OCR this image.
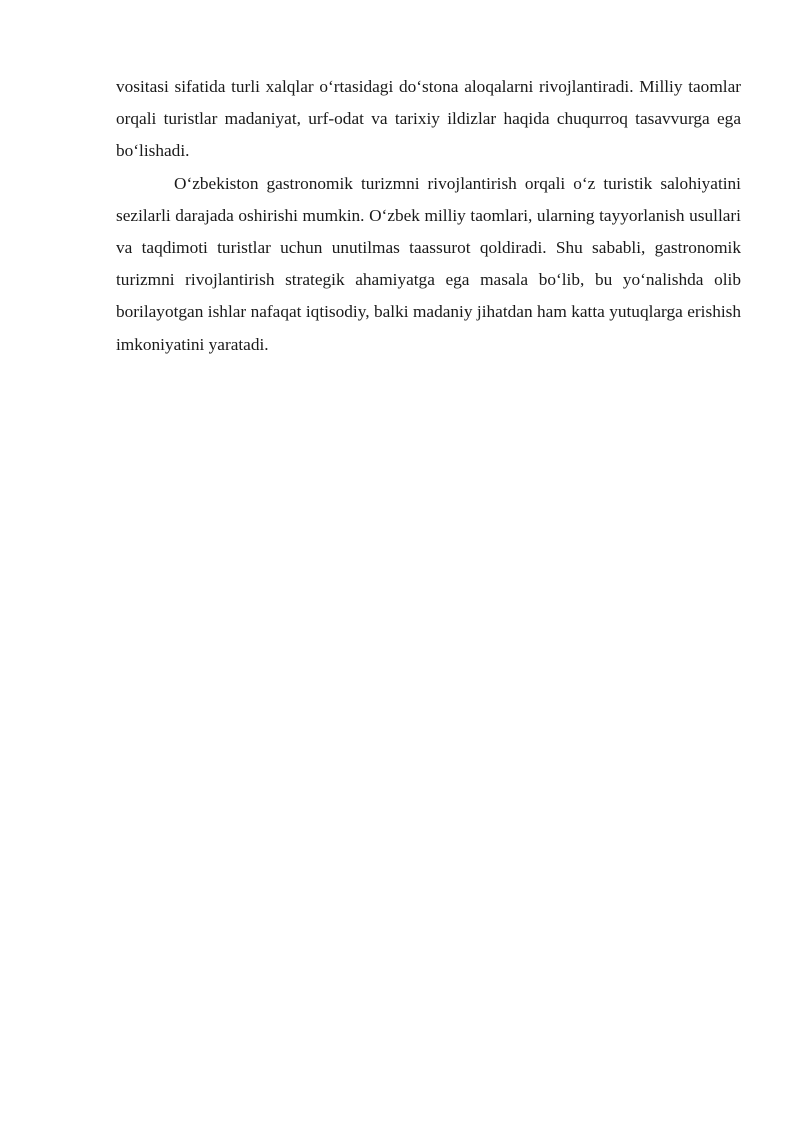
vositasi sifatida turli xalqlar o‘rtasidagi do‘stona aloqalarni rivojlantiradi. Milliy taomlar orqali turistlar madaniyat, urf-odat va tarixiy ildizlar haqida chuqurroq tasavvurga ega bo‘lishadi.

O‘zbekiston gastronomik turizmni rivojlantirish orqali o‘z turistik salohiyatini sezilarli darajada oshirishi mumkin. O‘zbek milliy taomlari, ularning tayyorlanish usullari va taqdimoti turistlar uchun unutilmas taassurot qoldiradi. Shu sababli, gastronomik turizmni rivojlantirish strategik ahamiyatga ega masala bo‘lib, bu yo‘nalishda olib borilayotgan ishlar nafaqat iqtisodiy, balki madaniy jihatdan ham katta yutuqlarga erishish imkoniyatini yaratadi.
